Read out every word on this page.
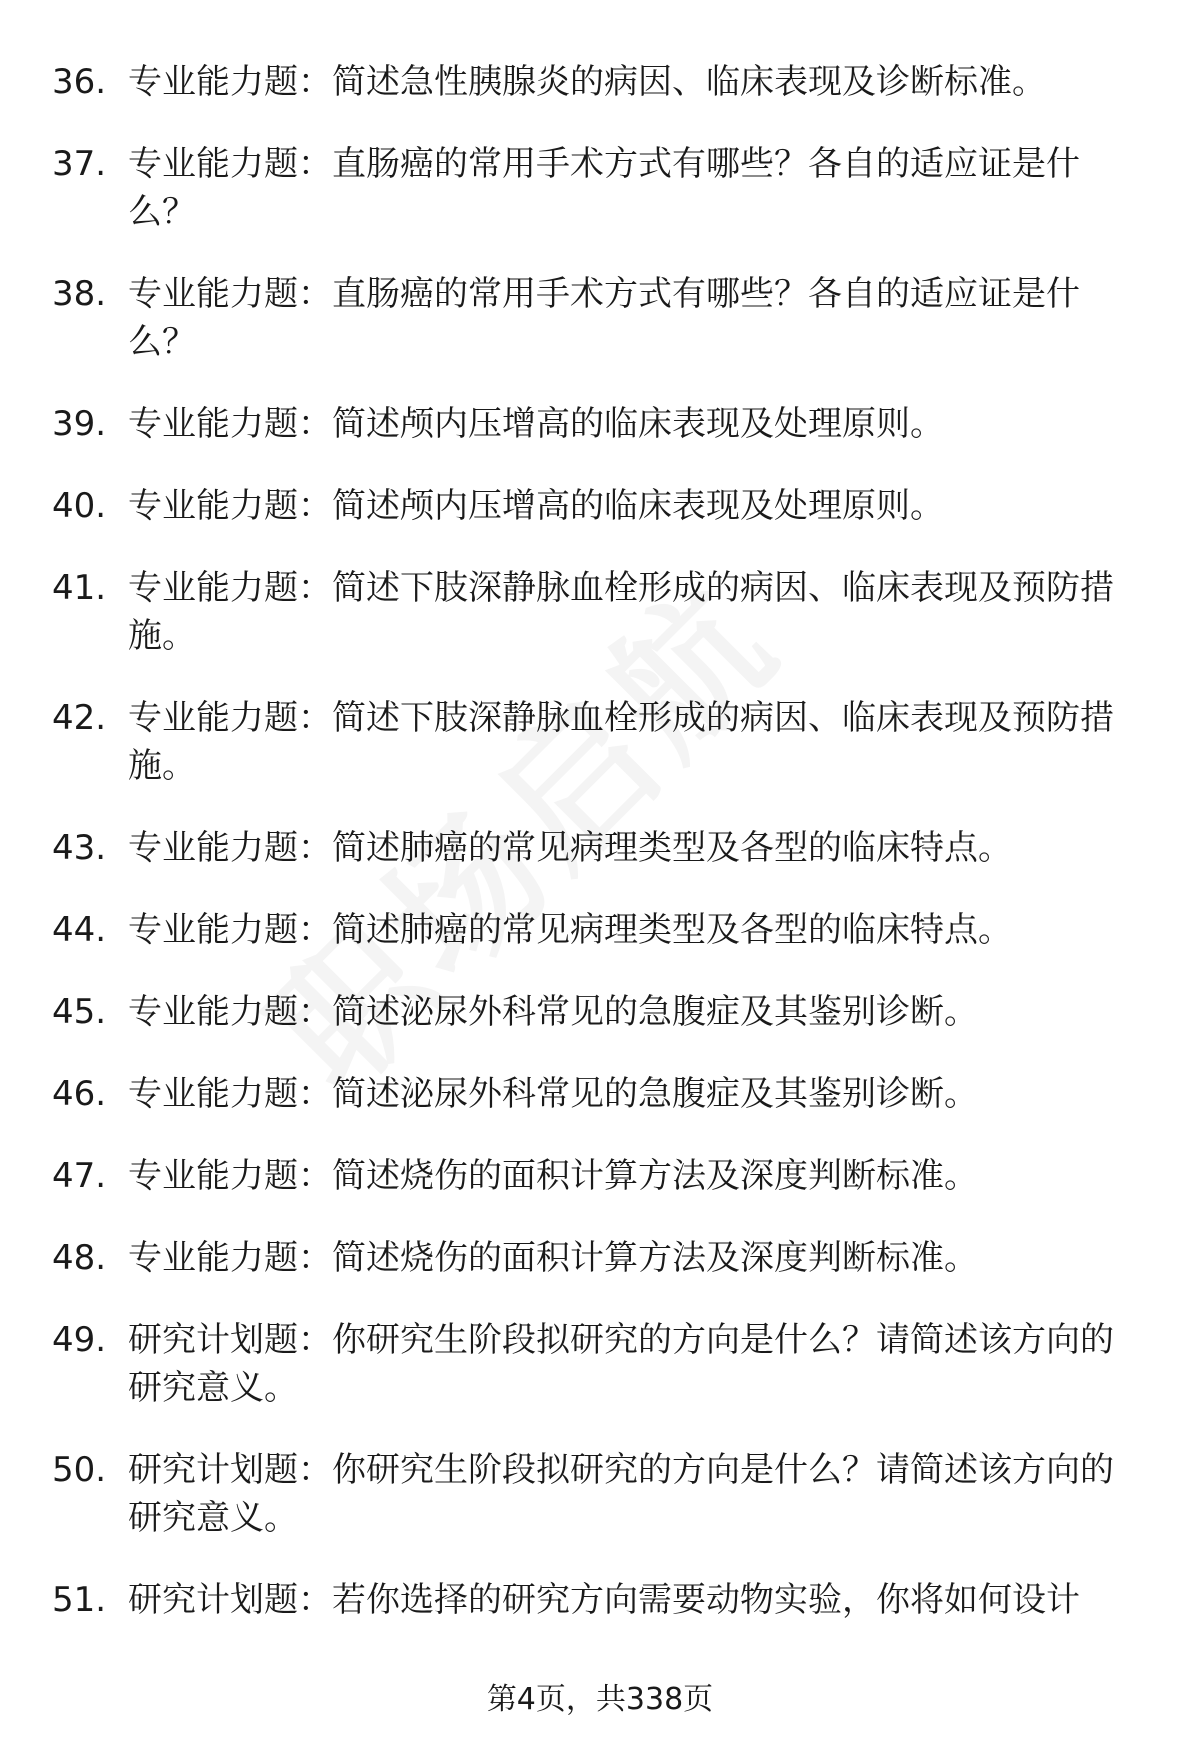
36. 专业能力题：简述急性胰腺炎的病因、临床表现及诊断标准。
37. 专业能力题：直肠癌的常用手术方式有哪些？各自的适应证是什么？
38. 专业能力题：直肠癌的常用手术方式有哪些？各自的适应证是什么？
39. 专业能力题：简述颅内压增高的临床表现及处理原则。
40. 专业能力题：简述颅内压增高的临床表现及处理原则。
41. 专业能力题：简述下肢深静脉血栓形成的病因、临床表现及预防措施。
42. 专业能力题：简述下肢深静脉血栓形成的病因、临床表现及预防措施。
43. 专业能力题：简述肺癌的常见病理类型及各型的临床特点。
44. 专业能力题：简述肺癌的常见病理类型及各型的临床特点。
45. 专业能力题：简述泌尿外科常见的急腹症及其鉴别诊断。
46. 专业能力题：简述泌尿外科常见的急腹症及其鉴别诊断。
47. 专业能力题：简述烧伤的面积计算方法及深度判断标准。
48. 专业能力题：简述烧伤的面积计算方法及深度判断标准。
49. 研究计划题：你研究生阶段拟研究的方向是什么？请简述该方向的研究意义。
50. 研究计划题：你研究生阶段拟研究的方向是什么？请简述该方向的研究意义。
51. 研究计划题：若你选择的研究方向需要动物实验，你将如何设计
第4页，共338页
